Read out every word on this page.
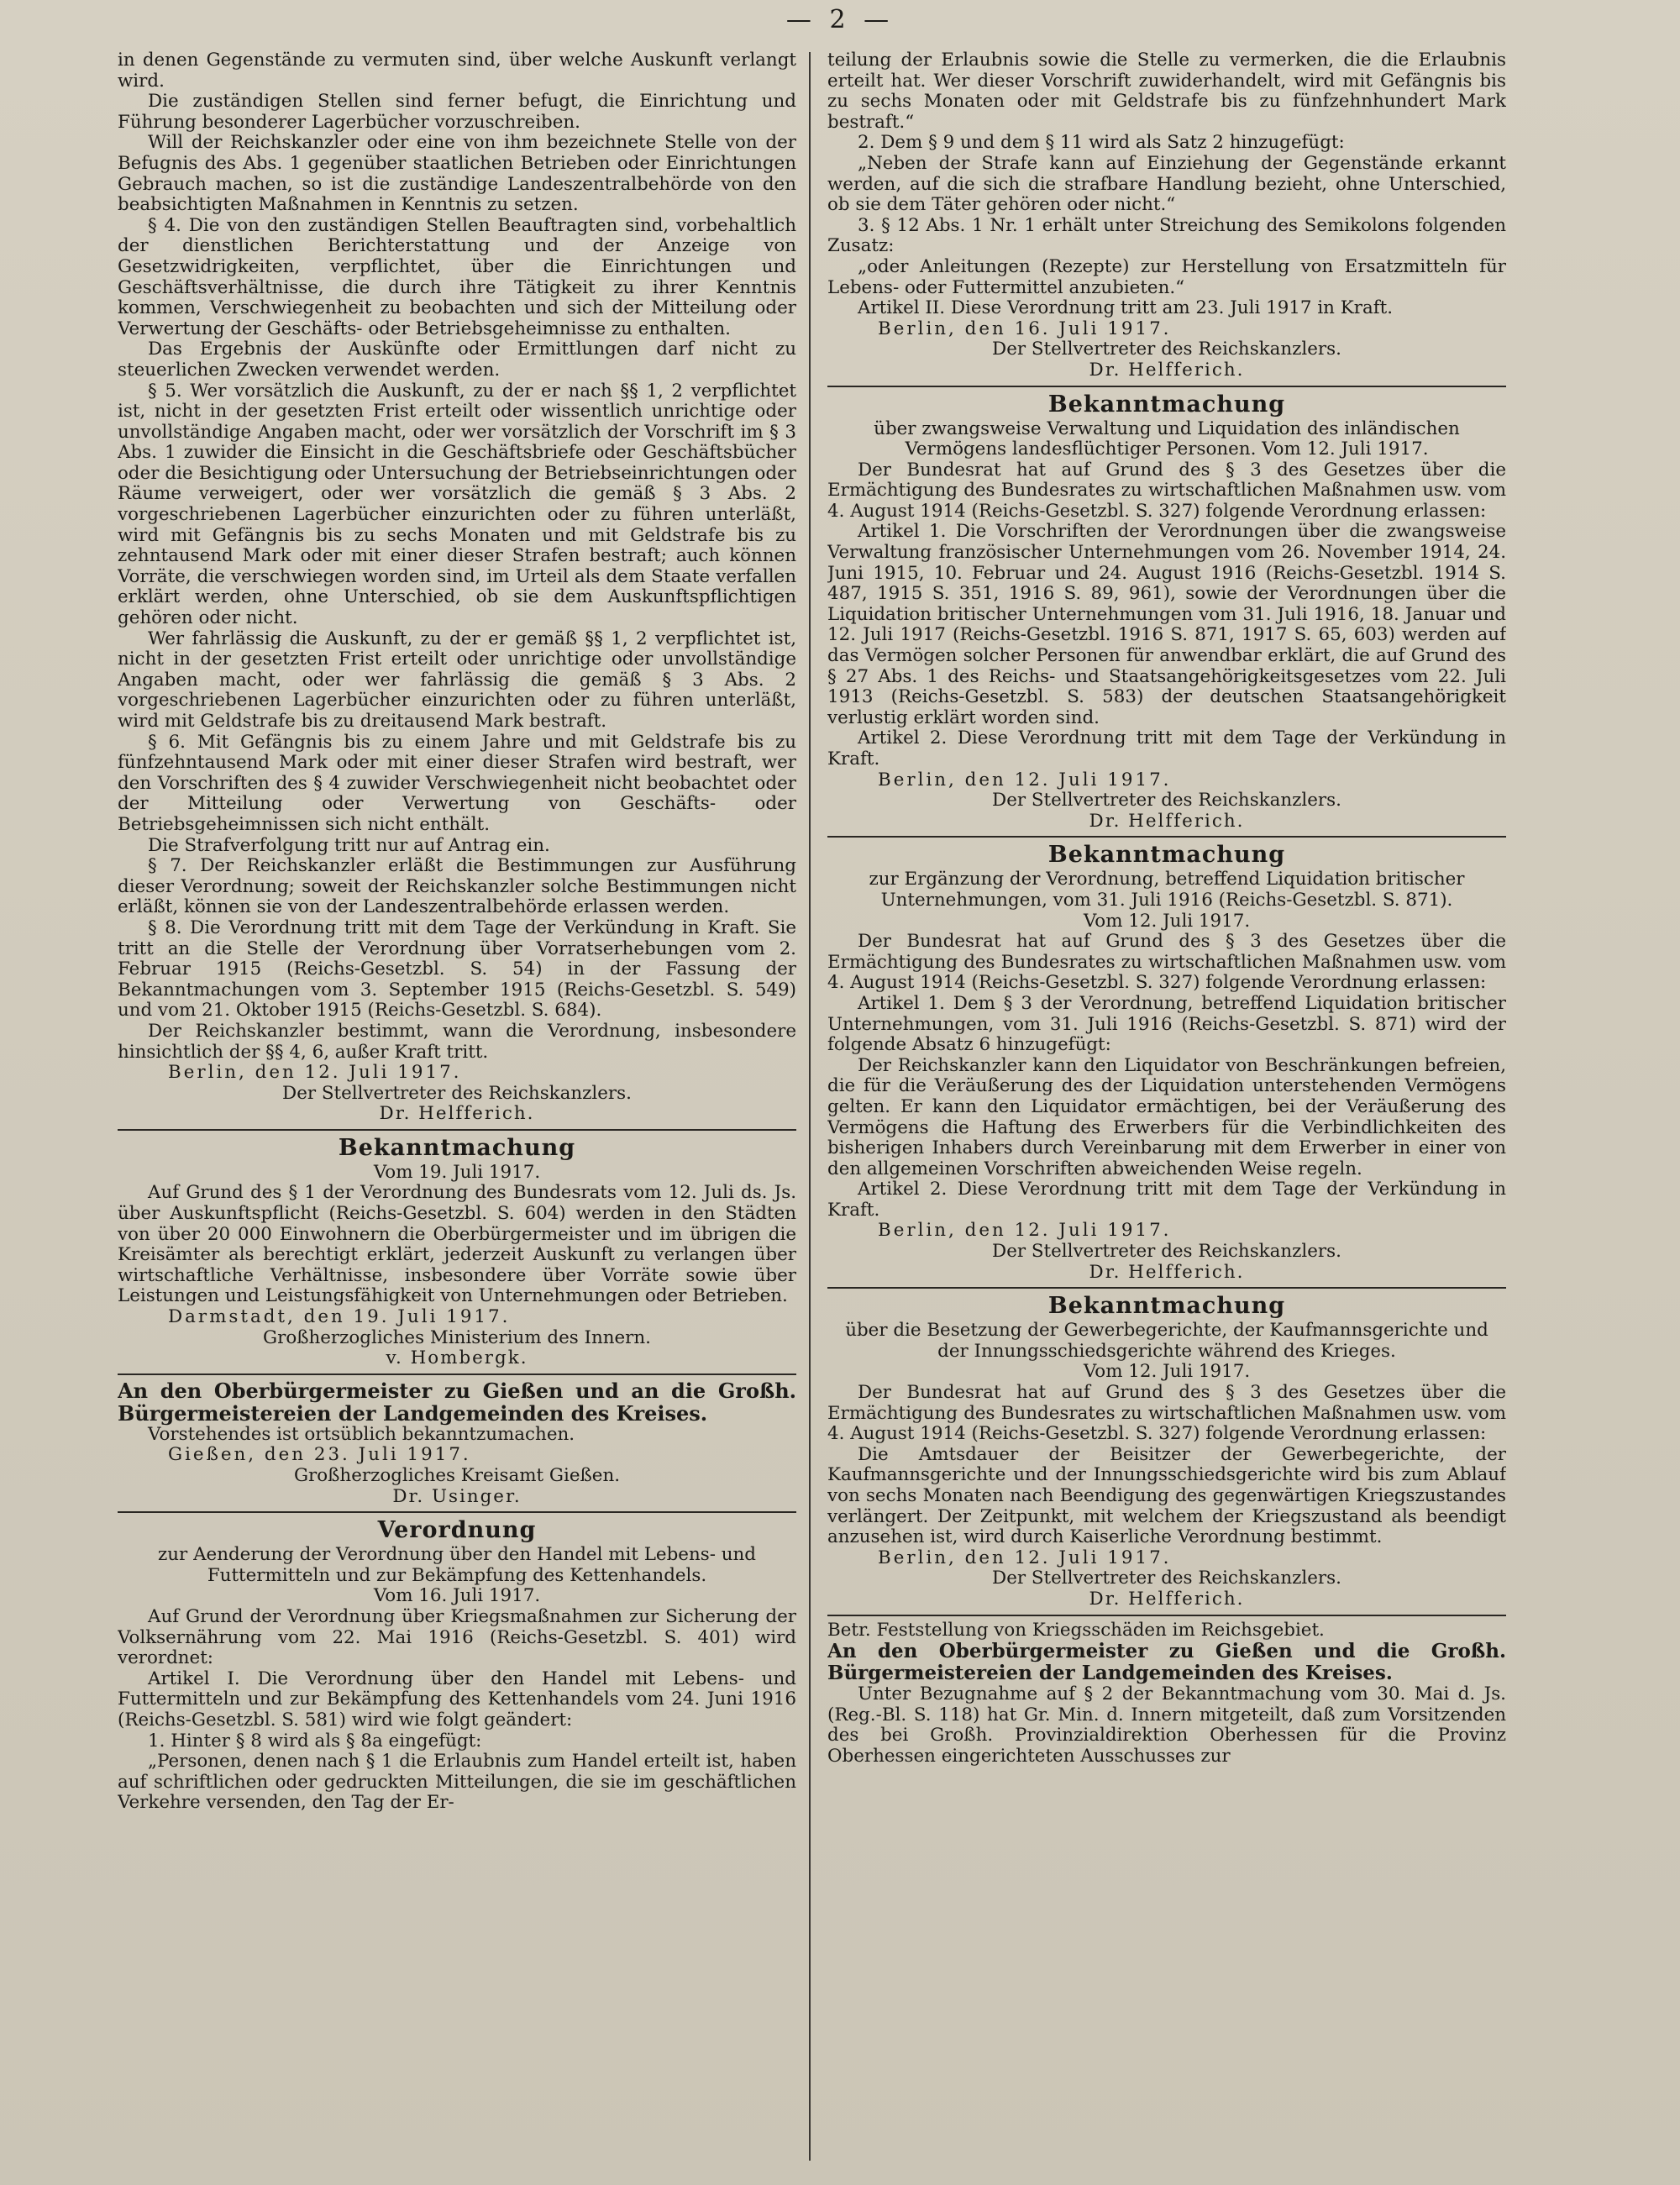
— 2 —

in denen Gegenstände zu vermuten sind, über welche Auskunft verlangt wird.

Die zuständigen Stellen sind ferner befugt, die Einrichtung und Führung besonderer Lagerbücher vorzuschreiben.

Will der Reichskanzler oder eine von ihm bezeichnete Stelle von der Befugnis des Abs. 1 gegenüber staatlichen Betrieben oder Einrichtungen Gebrauch machen, so ist die zuständige Landeszentralbehörde von den beabsichtigten Maßnahmen in Kenntnis zu setzen.

§ 4. Die von den zuständigen Stellen Beauftragten sind, vorbehaltlich der dienstlichen Berichterstattung und der Anzeige von Gesetzwidrigkeiten, verpflichtet, über die Einrichtungen und Geschäftsverhältnisse, die durch ihre Tätigkeit zu ihrer Kenntnis kommen, Verschwiegenheit zu beobachten und sich der Mitteilung oder Verwertung der Geschäfts- oder Betriebsgeheimnisse zu enthalten.

Das Ergebnis der Auskünfte oder Ermittlungen darf nicht zu steuerlichen Zwecken verwendet werden.

§ 5. Wer vorsätzlich die Auskunft, zu der er nach §§ 1, 2 verpflichtet ist, nicht in der gesetzten Frist erteilt oder wissentlich unrichtige oder unvollständige Angaben macht, oder wer vorsätzlich der Vorschrift im § 3 Abs. 1 zuwider die Einsicht in die Geschäftsbriefe oder Geschäftsbücher oder die Besichtigung oder Untersuchung der Betriebseinrichtungen oder Räume verweigert, oder wer vorsätzlich die gemäß § 3 Abs. 2 vorgeschriebenen Lagerbücher einzurichten oder zu führen unterläßt, wird mit Gefängnis bis zu sechs Monaten und mit Geldstrafe bis zu zehntausend Mark oder mit einer dieser Strafen bestraft; auch können Vorräte, die verschwiegen worden sind, im Urteil als dem Staate verfallen erklärt werden, ohne Unterschied, ob sie dem Auskunftspflichtigen gehören oder nicht.

Wer fahrlässig die Auskunft, zu der er gemäß §§ 1, 2 verpflichtet ist, nicht in der gesetzten Frist erteilt oder unrichtige oder unvollständige Angaben macht, oder wer fahrlässig die gemäß § 3 Abs. 2 vorgeschriebenen Lagerbücher einzurichten oder zu führen unterläßt, wird mit Geldstrafe bis zu dreitausend Mark bestraft.

§ 6. Mit Gefängnis bis zu einem Jahre und mit Geldstrafe bis zu fünfzehntausend Mark oder mit einer dieser Strafen wird bestraft, wer den Vorschriften des § 4 zuwider Verschwiegenheit nicht beobachtet oder der Mitteilung oder Verwertung von Geschäfts- oder Betriebsgeheimnissen sich nicht enthält.

Die Strafverfolgung tritt nur auf Antrag ein.

§ 7. Der Reichskanzler erläßt die Bestimmungen zur Ausführung dieser Verordnung; soweit der Reichskanzler solche Bestimmungen nicht erläßt, können sie von der Landeszentralbehörde erlassen werden.

§ 8. Die Verordnung tritt mit dem Tage der Verkündung in Kraft. Sie tritt an die Stelle der Verordnung über Vorratserhebungen vom 2. Februar 1915 (Reichs-Gesetzbl. S. 54) in der Fassung der Bekanntmachungen vom 3. September 1915 (Reichs-Gesetzbl. S. 549) und vom 21. Oktober 1915 (Reichs-Gesetzbl. S. 684).

Der Reichskanzler bestimmt, wann die Verordnung, insbesondere hinsichtlich der §§ 4, 6, außer Kraft tritt.

Berlin, den 12. Juli 1917.

Der Stellvertreter des Reichskanzlers.

Dr. Helfferich.

Bekanntmachung

Vom 19. Juli 1917.

Auf Grund des § 1 der Verordnung des Bundesrats vom 12. Juli ds. Js. über Auskunftspflicht (Reichs-Gesetzbl. S. 604) werden in den Städten von über 20 000 Einwohnern die Oberbürgermeister und im übrigen die Kreisämter als berechtigt erklärt, jederzeit Auskunft zu verlangen über wirtschaftliche Verhältnisse, insbesondere über Vorräte sowie über Leistungen und Leistungsfähigkeit von Unternehmungen oder Betrieben.

Darmstadt, den 19. Juli 1917.

Großherzogliches Ministerium des Innern.

v. Hombergk.

An den Oberbürgermeister zu Gießen und an die Großh. Bürgermeistereien der Landgemeinden des Kreises.

Vorstehendes ist ortsüblich bekanntzumachen.

Gießen, den 23. Juli 1917.

Großherzogliches Kreisamt Gießen.

Dr. Usinger.

Verordnung

zur Aenderung der Verordnung über den Handel mit Lebens- und Futtermitteln und zur Bekämpfung des Kettenhandels.

Vom 16. Juli 1917.

Auf Grund der Verordnung über Kriegsmaßnahmen zur Sicherung der Volksernährung vom 22. Mai 1916 (Reichs-Gesetzbl. S. 401) wird verordnet:

Artikel I. Die Verordnung über den Handel mit Lebens- und Futtermitteln und zur Bekämpfung des Kettenhandels vom 24. Juni 1916 (Reichs-Gesetzbl. S. 581) wird wie folgt geändert:

1. Hinter § 8 wird als § 8a eingefügt:

„Personen, denen nach § 1 die Erlaubnis zum Handel erteilt ist, haben auf schriftlichen oder gedruckten Mitteilungen, die sie im geschäftlichen Verkehre versenden, den Tag der Er-

teilung der Erlaubnis sowie die Stelle zu vermerken, die die Erlaubnis erteilt hat. Wer dieser Vorschrift zuwiderhandelt, wird mit Gefängnis bis zu sechs Monaten oder mit Geldstrafe bis zu fünfzehnhundert Mark bestraft.“

2. Dem § 9 und dem § 11 wird als Satz 2 hinzugefügt:

„Neben der Strafe kann auf Einziehung der Gegenstände erkannt werden, auf die sich die strafbare Handlung bezieht, ohne Unterschied, ob sie dem Täter gehören oder nicht.“

3. § 12 Abs. 1 Nr. 1 erhält unter Streichung des Semikolons folgenden Zusatz:

„oder Anleitungen (Rezepte) zur Herstellung von Ersatzmitteln für Lebens- oder Futtermittel anzubieten.“

Artikel II. Diese Verordnung tritt am 23. Juli 1917 in Kraft.

Berlin, den 16. Juli 1917.

Der Stellvertreter des Reichskanzlers.

Dr. Helfferich.

Bekanntmachung

über zwangsweise Verwaltung und Liquidation des inländischen Vermögens landesflüchtiger Personen. Vom 12. Juli 1917.

Der Bundesrat hat auf Grund des § 3 des Gesetzes über die Ermächtigung des Bundesrates zu wirtschaftlichen Maßnahmen usw. vom 4. August 1914 (Reichs-Gesetzbl. S. 327) folgende Verordnung erlassen:

Artikel 1. Die Vorschriften der Verordnungen über die zwangsweise Verwaltung französischer Unternehmungen vom 26. November 1914, 24. Juni 1915, 10. Februar und 24. August 1916 (Reichs-Gesetzbl. 1914 S. 487, 1915 S. 351, 1916 S. 89, 961), sowie der Verordnungen über die Liquidation britischer Unternehmungen vom 31. Juli 1916, 18. Januar und 12. Juli 1917 (Reichs-Gesetzbl. 1916 S. 871, 1917 S. 65, 603) werden auf das Vermögen solcher Personen für anwendbar erklärt, die auf Grund des § 27 Abs. 1 des Reichs- und Staatsangehörigkeitsgesetzes vom 22. Juli 1913 (Reichs-Gesetzbl. S. 583) der deutschen Staatsangehörigkeit verlustig erklärt worden sind.

Artikel 2. Diese Verordnung tritt mit dem Tage der Verkündung in Kraft.

Berlin, den 12. Juli 1917.

Der Stellvertreter des Reichskanzlers.

Dr. Helfferich.

Bekanntmachung

zur Ergänzung der Verordnung, betreffend Liquidation britischer Unternehmungen, vom 31. Juli 1916 (Reichs-Gesetzbl. S. 871).

Vom 12. Juli 1917.

Der Bundesrat hat auf Grund des § 3 des Gesetzes über die Ermächtigung des Bundesrates zu wirtschaftlichen Maßnahmen usw. vom 4. August 1914 (Reichs-Gesetzbl. S. 327) folgende Verordnung erlassen:

Artikel 1. Dem § 3 der Verordnung, betreffend Liquidation britischer Unternehmungen, vom 31. Juli 1916 (Reichs-Gesetzbl. S. 871) wird der folgende Absatz 6 hinzugefügt:

Der Reichskanzler kann den Liquidator von Beschränkungen befreien, die für die Veräußerung des der Liquidation unterstehenden Vermögens gelten. Er kann den Liquidator ermächtigen, bei der Veräußerung des Vermögens die Haftung des Erwerbers für die Verbindlichkeiten des bisherigen Inhabers durch Vereinbarung mit dem Erwerber in einer von den allgemeinen Vorschriften abweichenden Weise regeln.

Artikel 2. Diese Verordnung tritt mit dem Tage der Verkündung in Kraft.

Berlin, den 12. Juli 1917.

Der Stellvertreter des Reichskanzlers.

Dr. Helfferich.

Bekanntmachung

über die Besetzung der Gewerbegerichte, der Kaufmannsgerichte und der Innungsschiedsgerichte während des Krieges.

Vom 12. Juli 1917.

Der Bundesrat hat auf Grund des § 3 des Gesetzes über die Ermächtigung des Bundesrates zu wirtschaftlichen Maßnahmen usw. vom 4. August 1914 (Reichs-Gesetzbl. S. 327) folgende Verordnung erlassen:

Die Amtsdauer der Beisitzer der Gewerbegerichte, der Kaufmannsgerichte und der Innungsschiedsgerichte wird bis zum Ablauf von sechs Monaten nach Beendigung des gegenwärtigen Kriegszustandes verlängert. Der Zeitpunkt, mit welchem der Kriegszustand als beendigt anzusehen ist, wird durch Kaiserliche Verordnung bestimmt.

Berlin, den 12. Juli 1917.

Der Stellvertreter des Reichskanzlers.

Dr. Helfferich.

Betr. Feststellung von Kriegsschäden im Reichsgebiet.

An den Oberbürgermeister zu Gießen und die Großh. Bürgermeistereien der Landgemeinden des Kreises.

Unter Bezugnahme auf § 2 der Bekanntmachung vom 30. Mai d. Js. (Reg.-Bl. S. 118) hat Gr. Min. d. Innern mitgeteilt, daß zum Vorsitzenden des bei Großh. Provinzialdirektion Oberhessen für die Provinz Oberhessen eingerichteten Ausschusses zur
